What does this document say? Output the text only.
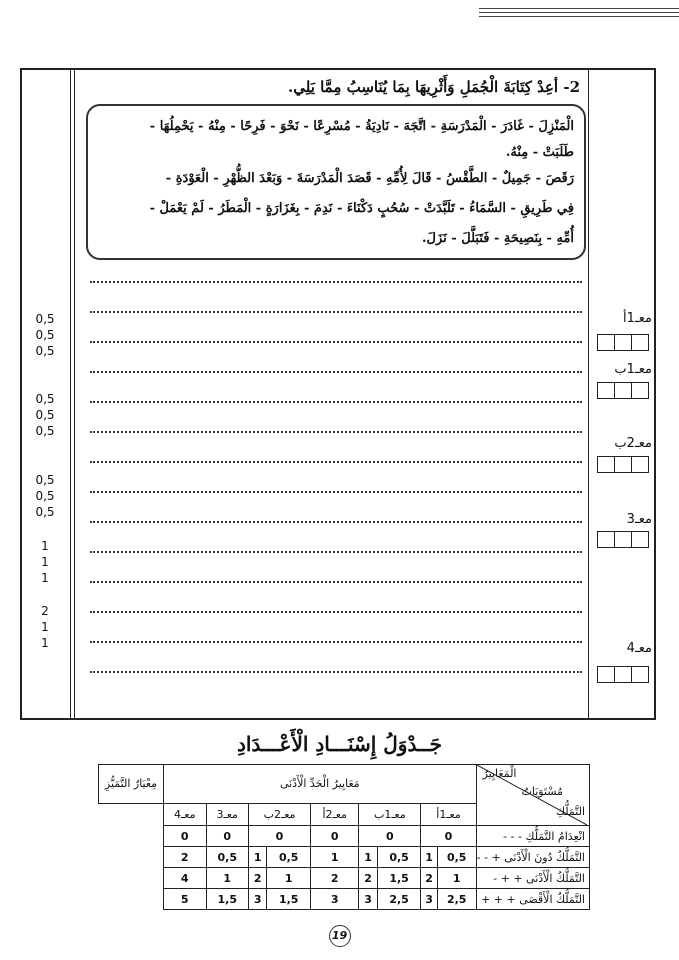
2- أعِدْ كِتَابَةَ الْجُمَلِ وَأَثْرِيهَا بِمَا يُنَاسِبُ مِمَّا يَلِي.
الْمَنْزِلَ - غَادَرَ - الْمَدْرَسَةِ - اتَّجَهَ - نَادِيَةُ - مُسْرِعًا - نَحْوَ - فَرِحًا - مِنْهُ - يَحْمِلُهَا -
طَلَبَتْ - مِنْهُ.
رَقَصَ - جَمِيلٌ - الطَّقْسُ - قَالَ لِأُمِّهِ - قَصَدَ الْمَدْرَسَةَ - وَبَعْدَ الظُّهْرِ - الْعَوْدَةِ -
فِي طَرِيقِ - السَّمَاءُ - تَلَبَّدَتْ - سُحُبٍ دَكْنَاءَ - نَدِمَ - بِغَزَارَةٍ - الْمَطَرُ - لَمْ يَعْمَلْ -
أُمِّهِ - بِنَصِيحَةِ - فَتَبَلَّلَ - نَزَلَ.
0,5
0,5
0,5
0,5
0,5
0,5
0,5
0,5
0,5
1
1
1
2
1
1
معـ1أ
معـ1ب
معـ2ب
معـ3
معـ4
جَــدْوَلُ إِسْنَـــادِ الْأَعْـــدَادِ
الْمَعَايِيرُ
مُسْتَوَيَاتُ
التَّمَلُّكِ	مَعَايِيرُ الْحَدِّ الْأَدْنَى									مِعْيَارُ التَّمَيُّزِ
	معـ1أ		معـ1ب		معـ2أ	معـ2ب		معـ3	معـ4	
انْعِدَامُ التَّمَلُّكِ - - -	0		0		0	0		0	0	
التَّمَلُّكُ دُونَ الْأَدْنَى + - -	0,5	1	0,5	1	1	0,5	1	0,5	2	
التَّمَلُّكُ الْأَدْنَى + + -	1	2	1,5	2	2	1	2	1	4	
التَّمَلُّكُ الْأَقْصَى + + +	2,5	3	2,5	3	3	1,5	3	1,5	5	
19
